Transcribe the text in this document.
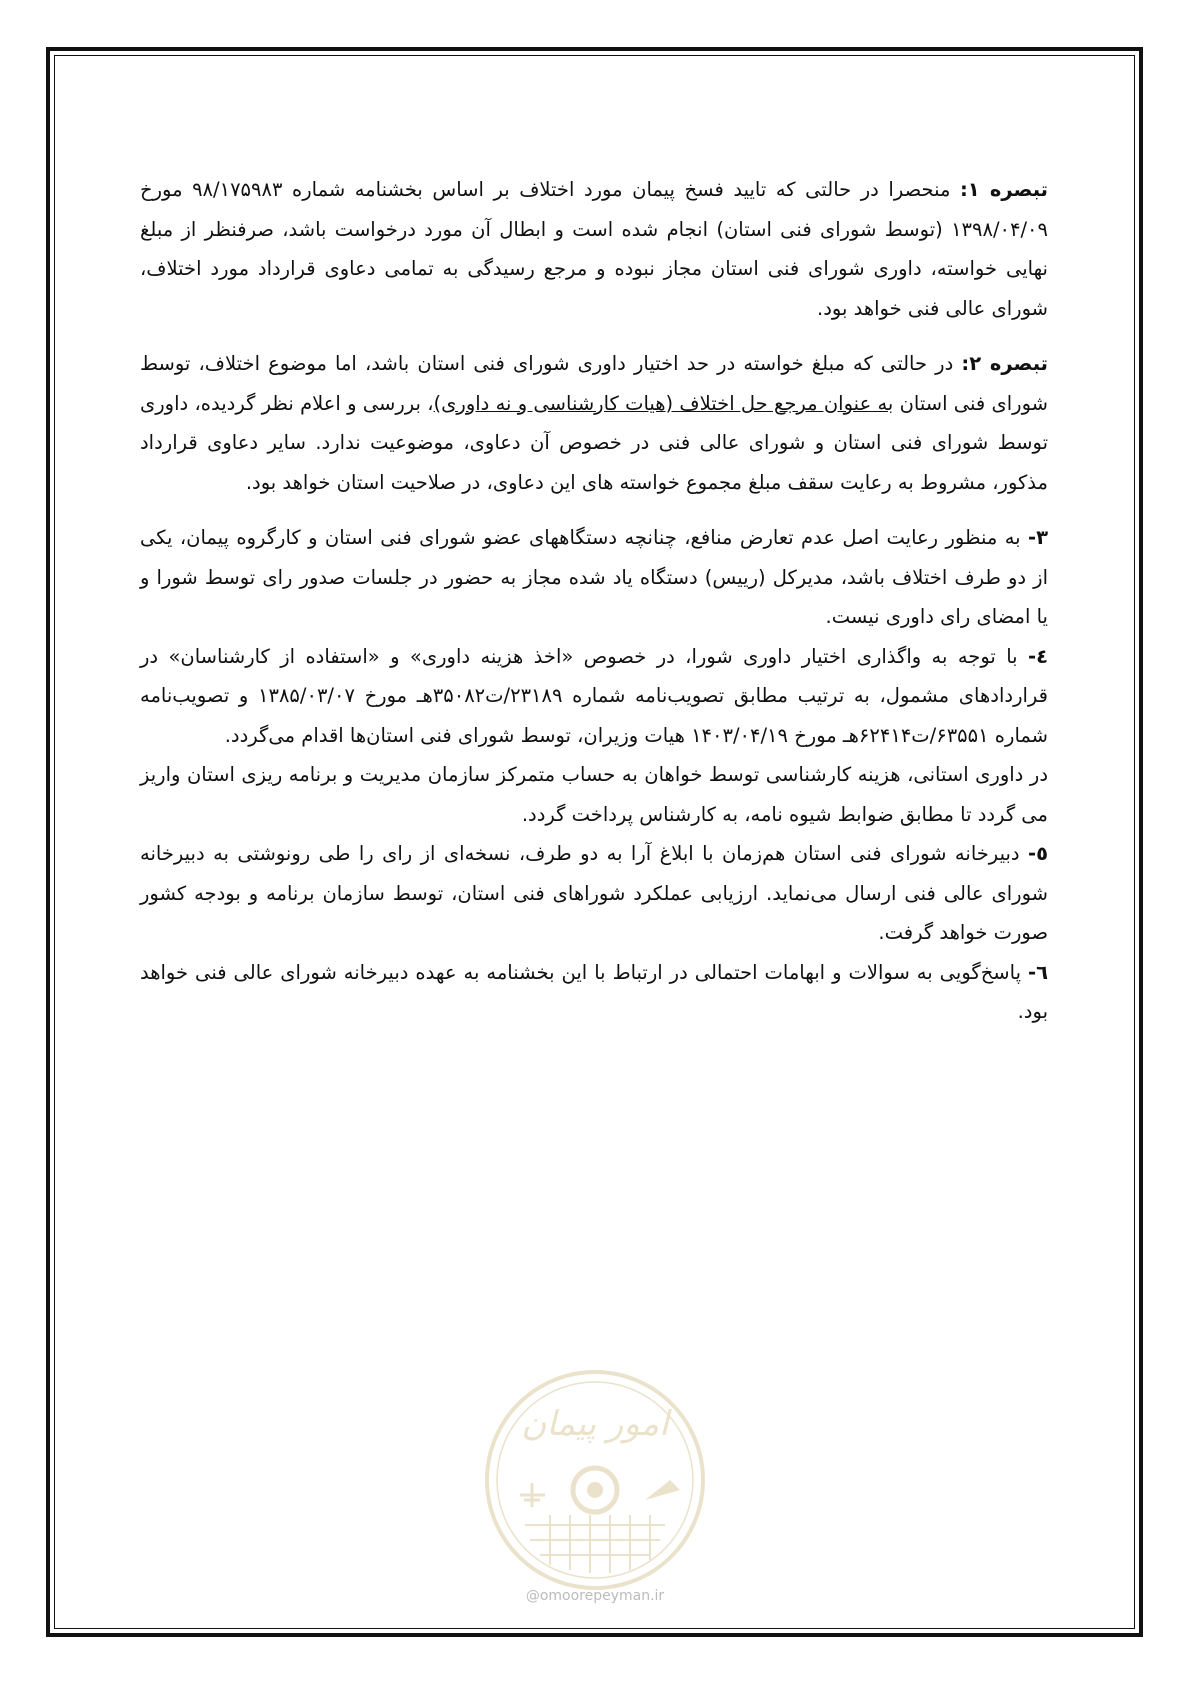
تبصره ۱: منحصرا در حالتی که تایید فسخ پیمان مورد اختلاف بر اساس بخشنامه شماره ۹۸/۱۷۵۹۸۳ مورخ ۱۳۹۸/۰۴/۰۹ (توسط شورای فنی استان) انجام شده است و ابطال آن مورد درخواست باشد، صرفنظر از مبلغ نهایی خواسته، داوری شورای فنی استان مجاز نبوده و مرجع رسیدگی به تمامی دعاوی قرارداد مورد اختلاف، شورای عالی فنی خواهد بود.

تبصره ۲: در حالتی که مبلغ خواسته در حد اختیار داوری شورای فنی استان باشد، اما موضوع اختلاف، توسط شورای فنی استان به عنوان مرجع حل اختلاف (هیات کارشناسی و نه داوری)، بررسی و اعلام نظر گردیده، داوری توسط شورای فنی استان و شورای عالی فنی در خصوص آن دعاوی، موضوعیت ندارد. سایر دعاوی قرارداد مذکور، مشروط به رعایت سقف مبلغ مجموع خواسته های این دعاوی، در صلاحیت استان خواهد بود.

۳- به منظور رعایت اصل عدم تعارض منافع، چنانچه دستگاههای عضو شورای فنی استان و کارگروه پیمان، یکی از دو طرف اختلاف باشد، مدیرکل (رییس) دستگاه یاد شده مجاز به حضور در جلسات صدور رای توسط شورا و یا امضای رای داوری نیست.

٤- با توجه به واگذاری اختیار داوری شورا، در خصوص «اخذ هزینه داوری» و «استفاده از کارشناسان» در قراردادهای مشمول، به ترتیب مطابق تصویب‌نامه شماره ۲۳۱۸۹/ت۳۵۰۸۲هـ مورخ ۱۳۸۵/۰۳/۰۷ و تصویب‌نامه شماره ۶۳۵۵۱/ت۶۲۴۱۴هـ مورخ ۱۴۰۳/۰۴/۱۹ هیات وزیران، توسط شورای فنی استان‌ها اقدام می‌گردد.

در داوری استانی، هزینه کارشناسی توسط خواهان به حساب متمرکز سازمان مدیریت و برنامه ریزی استان واریز می گردد تا مطابق ضوابط شیوه نامه، به کارشناس پرداخت گردد.

٥- دبیرخانه شورای فنی استان هم‌زمان با ابلاغ آرا به دو طرف، نسخه‌ای از رای را طی رونوشتی به دبیرخانه شورای عالی فنی ارسال می‌نماید. ارزیابی عملکرد شوراهای فنی استان، توسط سازمان برنامه و بودجه کشور صورت خواهد گرفت.

٦- پاسخ‌گویی به سوالات و ابهامات احتمالی در ارتباط با این بخشنامه به عهده دبیرخانه شورای عالی فنی خواهد بود.

امور پیمان
@omoorepeyman.ir
